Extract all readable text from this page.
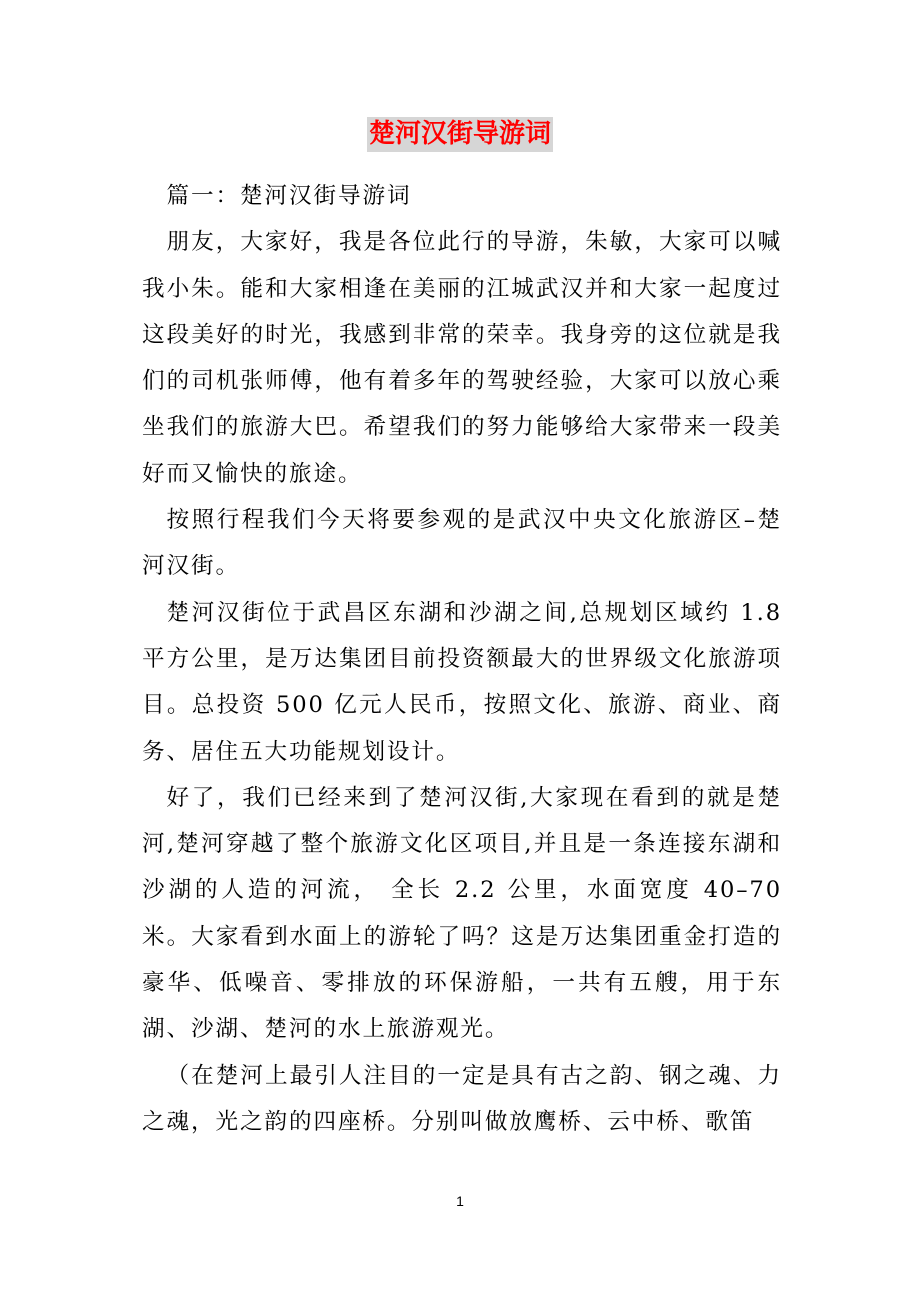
楚河汉街导游词

篇一：楚河汉街导游词

朋友，大家好，我是各位此行的导游，朱敏，大家可以喊我小朱。能和大家相逢在美丽的江城武汉并和大家一起度过这段美好的时光，我感到非常的荣幸。我身旁的这位就是我们的司机张师傅，他有着多年的驾驶经验，大家可以放心乘坐我们的旅游大巴。希望我们的努力能够给大家带来一段美好而又愉快的旅途。

按照行程我们今天将要参观的是武汉中央文化旅游区–楚河汉街。

楚河汉街位于武昌区东湖和沙湖之间,总规划区域约 1.8 平方公里，是万达集团目前投资额最大的世界级文化旅游项目。总投资 500 亿元人民币，按照文化、旅游、商业、商务、居住五大功能规划设计。

好了，我们已经来到了楚河汉街,大家现在看到的就是楚河,楚河穿越了整个旅游文化区项目,并且是一条连接东湖和沙湖的人造的河流， 全长 2.2 公里，水面宽度 40–70 米。大家看到水面上的游轮了吗？这是万达集团重金打造的豪华、低噪音、零排放的环保游船，一共有五艘，用于东湖、沙湖、楚河的水上旅游观光。

（在楚河上最引人注目的一定是具有古之韵、钢之魂、力之魂，光之韵的四座桥。分别叫做放鹰桥、云中桥、歌笛

1
